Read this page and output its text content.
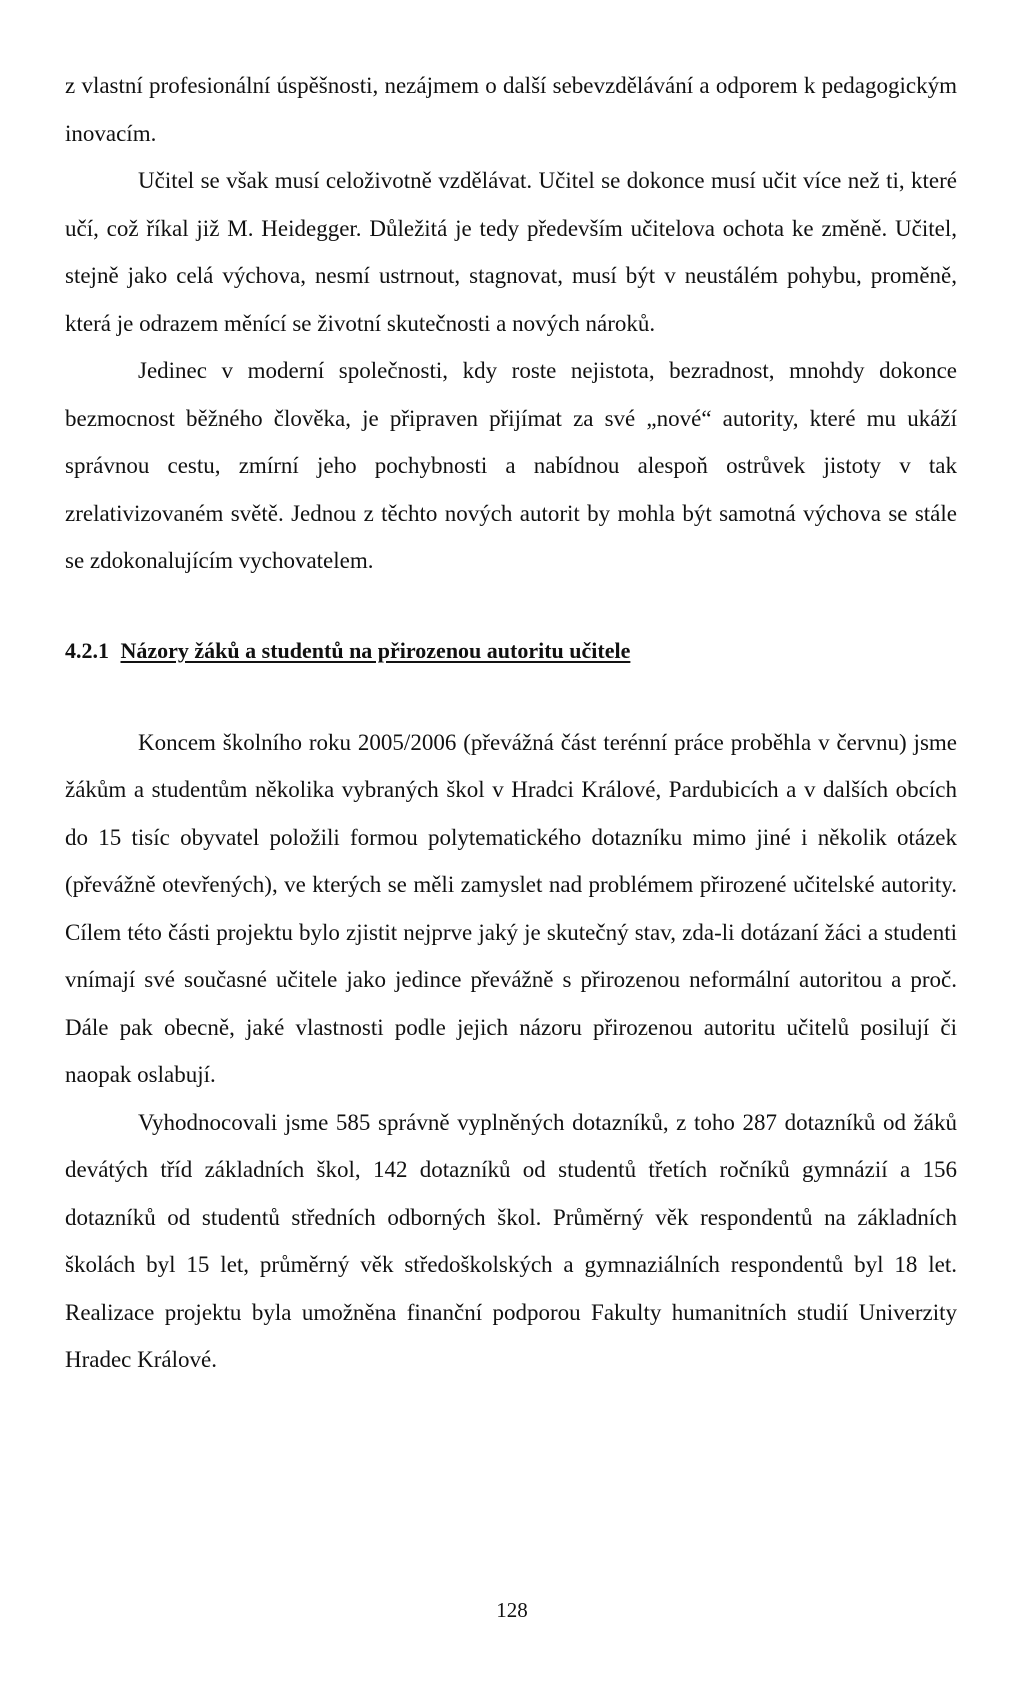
z vlastní profesionální úspěšnosti, nezájmem o další sebevzdělávání a odporem k pedagogickým inovacím.

Učitel se však musí celoživotně vzdělávat. Učitel se dokonce musí učit více než ti, které učí, což říkal již M. Heidegger. Důležitá je tedy především učitelova ochota ke změně. Učitel, stejně jako celá výchova, nesmí ustrnout, stagnovat, musí být v neustálém pohybu, proměně, která je odrazem měnící se životní skutečnosti a nových nároků.

Jedinec v moderní společnosti, kdy roste nejistota, bezradnost, mnohdy dokonce bezmocnost běžného člověka, je připraven přijímat za své „nové“ autority, které mu ukáží správnou cestu, zmírní jeho pochybnosti a nabídnou alespoň ostrůvek jistoty v tak zrelativizovaném světě. Jednou z těchto nových autorit by mohla být samotná výchova se stále se zdokonalujícím vychovatelem.

4.2.1 Názory žáků a studentů na přirozenou autoritu učitele

Koncem školního roku 2005/2006 (převážná část terénní práce proběhla v červnu) jsme žákům a studentům několika vybraných škol v Hradci Králové, Pardubicích a v dalších obcích do 15 tisíc obyvatel položili formou polytematického dotazníku mimo jiné i několik otázek (převážně otevřených), ve kterých se měli zamyslet nad problémem přirozené učitelské autority. Cílem této části projektu bylo zjistit nejprve jaký je skutečný stav, zda-li dotázaní žáci a studenti vnímají své současné učitele jako jedince převážně s přirozenou neformální autoritou a proč. Dále pak obecně, jaké vlastnosti podle jejich názoru přirozenou autoritu učitelů posilují či naopak oslabují.

Vyhodnocovali jsme 585 správně vyplněných dotazníků, z toho 287 dotazníků od žáků devátých tříd základních škol, 142 dotazníků od studentů třetích ročníků gymnázií a 156 dotazníků od studentů středních odborných škol. Průměrný věk respondentů na základních školách byl 15 let, průměrný věk středoškolských a gymnaziálních respondentů byl 18 let. Realizace projektu byla umožněna finanční podporou Fakulty humanitních studií Univerzity Hradec Králové.

128
